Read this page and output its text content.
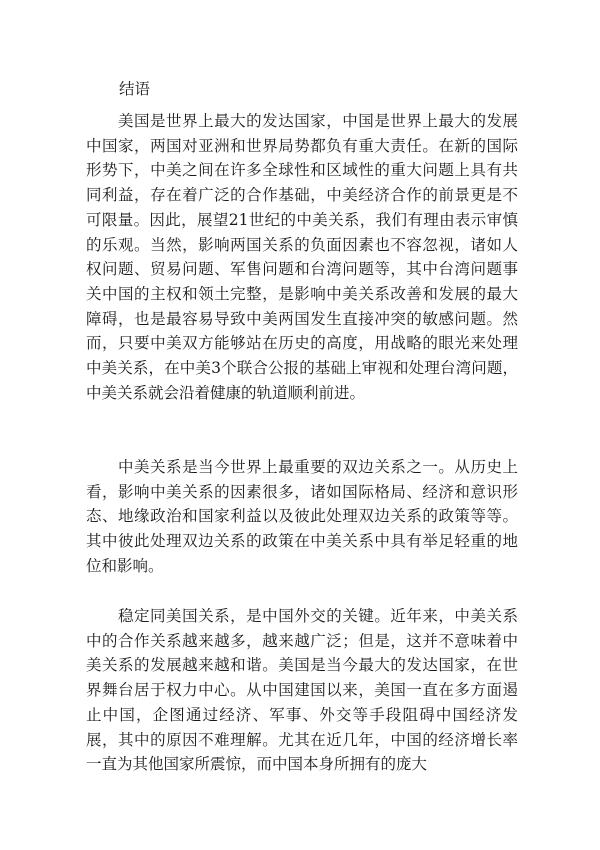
结语

美国是世界上最大的发达国家，中国是世界上最大的发展中国家，两国对亚洲和世界局势都负有重大责任。在新的国际形势下，中美之间在许多全球性和区域性的重大问题上具有共同利益，存在着广泛的合作基础，中美经济合作的前景更是不可限量。因此，展望21世纪的中美关系，我们有理由表示审慎的乐观。当然，影响两国关系的负面因素也不容忽视，诸如人权问题、贸易问题、军售问题和台湾问题等，其中台湾问题事关中国的主权和领土完整，是影响中美关系改善和发展的最大障碍，也是最容易导致中美两国发生直接冲突的敏感问题。然而，只要中美双方能够站在历史的高度，用战略的眼光来处理中美关系，在中美3个联合公报的基础上审视和处理台湾问题，中美关系就会沿着健康的轨道顺利前进。

中美关系是当今世界上最重要的双边关系之一。从历史上看，影响中美关系的因素很多，诸如国际格局、经济和意识形态、地缘政治和国家利益以及彼此处理双边关系的政策等等。其中彼此处理双边关系的政策在中美关系中具有举足轻重的地位和影响。

稳定同美国关系，是中国外交的关键。近年来，中美关系中的合作关系越来越多，越来越广泛；但是，这并不意味着中美关系的发展越来越和谐。美国是当今最大的发达国家，在世界舞台居于权力中心。从中国建国以来，美国一直在多方面遏止中国，企图通过经济、军事、外交等手段阻碍中国经济发展，其中的原因不难理解。尤其在近几年，中国的经济增长率一直为其他国家所震惊，而中国本身所拥有的庞大
